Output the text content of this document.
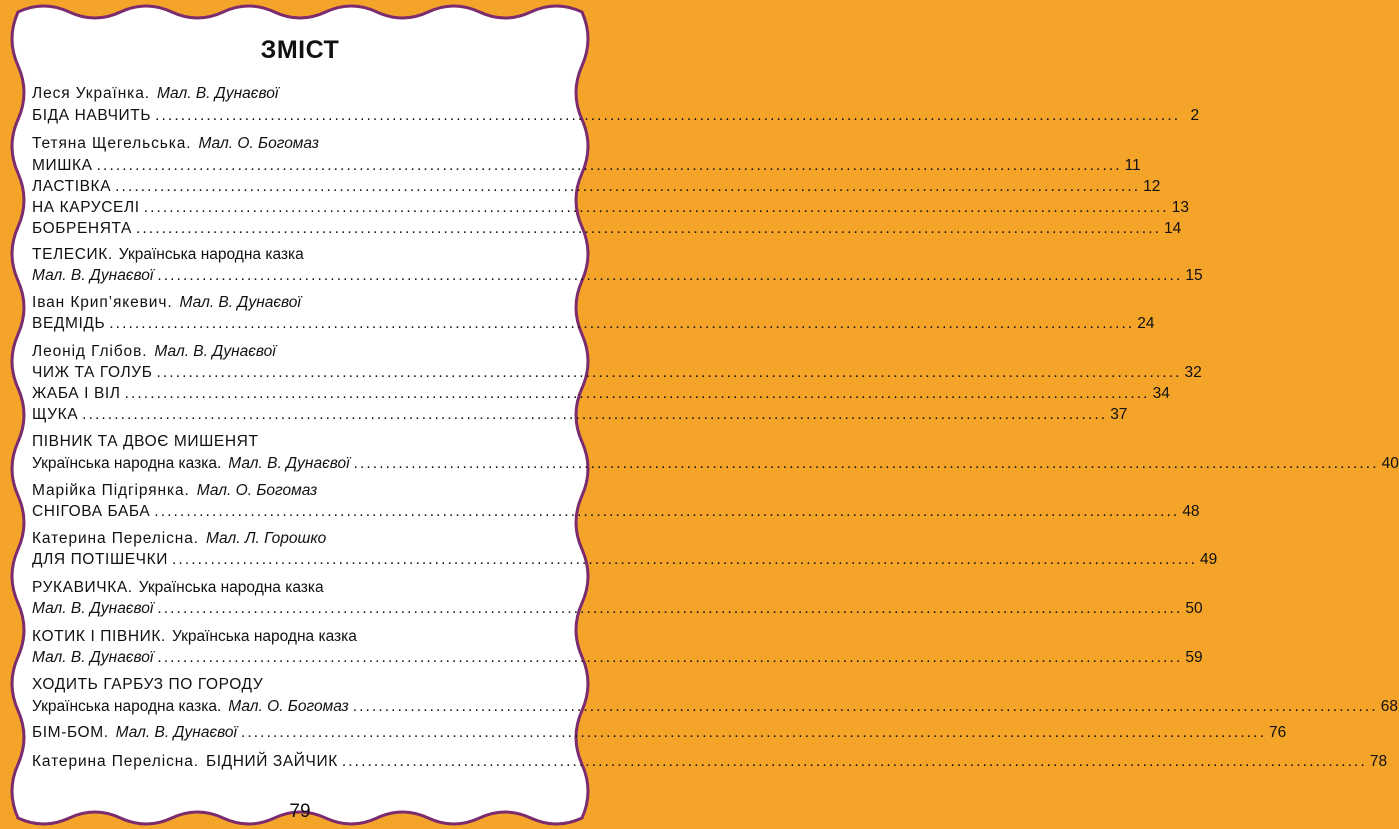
ЗМІСТ
Леся Українка. Мал. В. Дунаєвої
БІДА НАВЧИТЬ ................................................................................................................................................................ 2
Тетяна Щегельська. Мал. О. Богомаз
МИШКА ................................................................................................................................................................ 11
ЛАСТІВКА ................................................................................................................................................................ 12
НА КАРУСЕЛІ ................................................................................................................................................................ 13
БОБРЕНЯТА ................................................................................................................................................................ 14
ТЕЛЕСИК. Українська народна казка
Мал. В. Дунаєвої ................................................................................................................................................................ 15
Іван Крип’якевич. Мал. В. Дунаєвої
ВЕДМІДЬ ................................................................................................................................................................ 24
Леонід Глібов. Мал. В. Дунаєвої
ЧИЖ ТА ГОЛУБ ................................................................................................................................................................ 32
ЖАБА І ВІЛ ................................................................................................................................................................ 34
ЩУКА ................................................................................................................................................................ 37
ПІВНИК ТА ДВОЄ МИШЕНЯТ
Українська народна казка. Мал. В. Дунаєвої ................................................................................................................................................................ 40
Марійка Підгірянка. Мал. О. Богомаз
СНІГОВА БАБА ................................................................................................................................................................ 48
Катерина Перелісна. Мал. Л. Горошко
ДЛЯ ПОТІШЕЧКИ ................................................................................................................................................................ 49
РУКАВИЧКА. Українська народна казка
Мал. В. Дунаєвої ................................................................................................................................................................ 50
КОТИК І ПІВНИК. Українська народна казка
Мал. В. Дунаєвої ................................................................................................................................................................ 59
ХОДИТЬ ГАРБУЗ ПО ГОРОДУ
Українська народна казка. Мал. О. Богомаз ................................................................................................................................................................ 68
БІМ-БОМ. Мал. В. Дунаєвої ................................................................................................................................................................ 76
Катерина Перелісна. БІДНИЙ ЗАЙЧИК ................................................................................................................................................................ 78
79
